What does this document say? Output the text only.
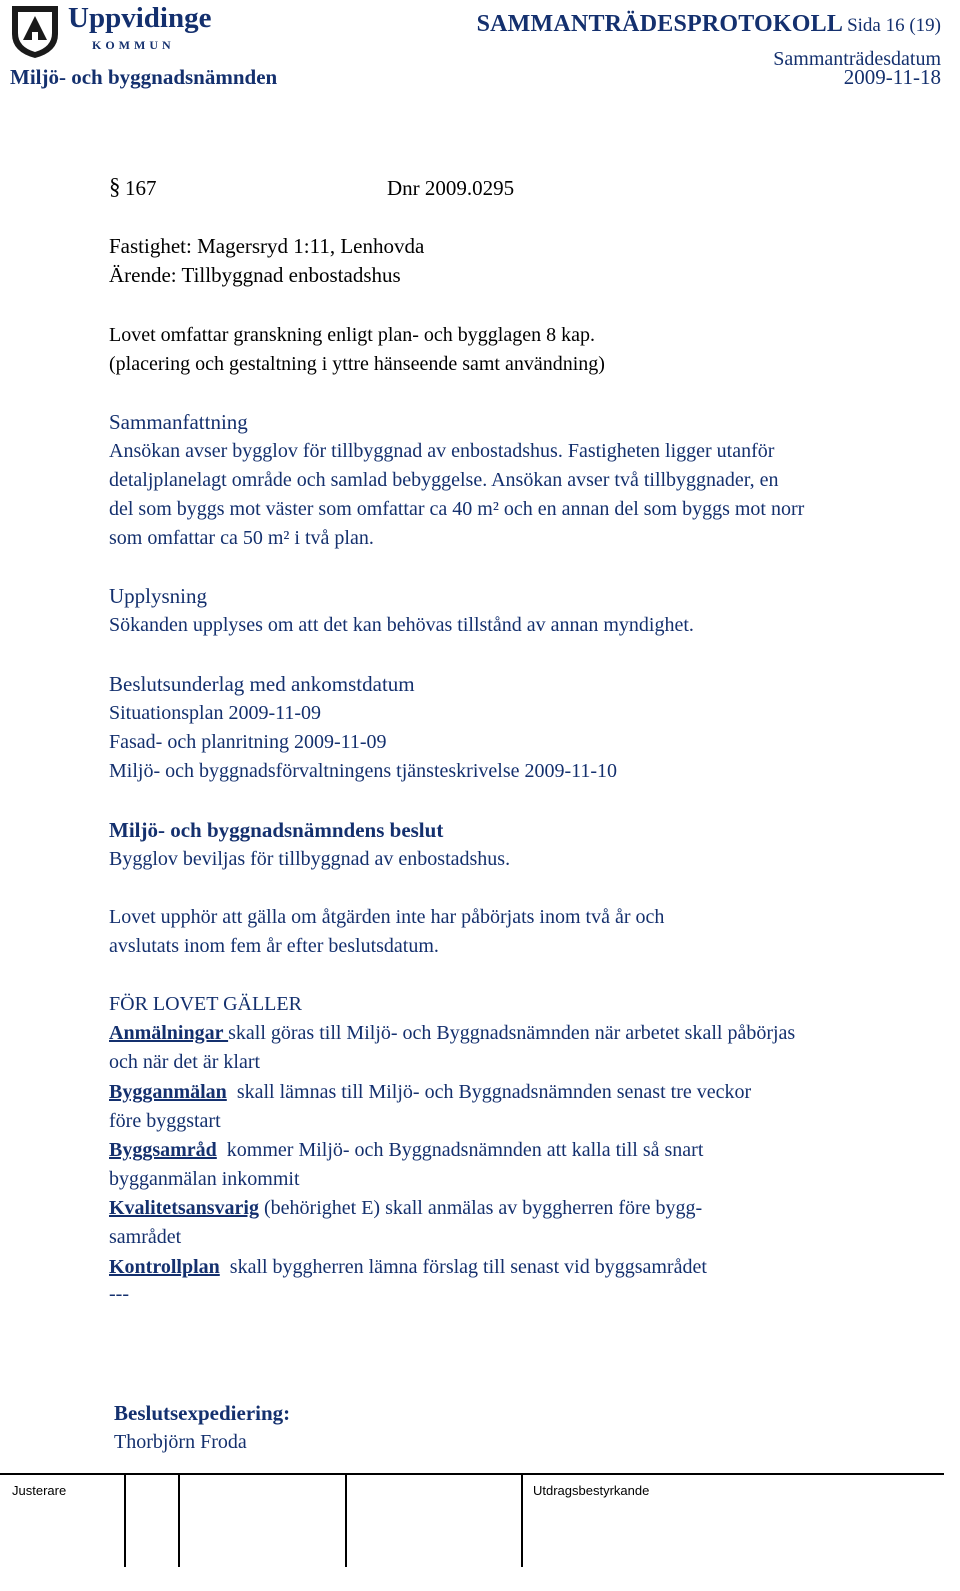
Uppvidinge
KOMMUN
SAMMANTRÄDESPROTOKOLL Sida 16 (19)
Sammanträdesdatum
Miljö- och byggnadsnämnden	2009-11-18
§ 167	Dnr 2009.0295
Fastighet: Magersryd 1:11, Lenhovda
Ärende: Tillbyggnad enbostadshus
Lovet omfattar granskning enligt plan- och bygglagen 8 kap.
(placering och gestaltning i yttre hänseende samt användning)
Sammanfattning
Ansökan avser bygglov för tillbyggnad av enbostadshus. Fastigheten ligger utanför
detaljplanelagt område och samlad bebyggelse. Ansökan avser två tillbyggnader, en
del som byggs mot väster som omfattar ca 40 m² och en annan del som byggs mot norr
som omfattar ca 50 m² i två plan.
Upplysning
Sökanden upplyses om att det kan behövas tillstånd av annan myndighet.
Beslutsunderlag med ankomstdatum
Situationsplan 2009-11-09
Fasad- och planritning 2009-11-09
Miljö- och byggnadsförvaltningens tjänsteskrivelse 2009-11-10
Miljö- och byggnadsnämndens beslut
Bygglov beviljas för tillbyggnad av enbostadshus.
Lovet upphör att gälla om åtgärden inte har påbörjats inom två år och
avslutats inom fem år efter beslutsdatum.
FÖR LOVET GÄLLER
Anmälningar skall göras till Miljö- och Byggnadsnämnden när arbetet skall påbörjas
och när det är klart
Bygganmälan  skall lämnas till Miljö- och Byggnadsnämnden senast tre veckor
före byggstart
Byggsamråd  kommer Miljö- och Byggnadsnämnden att kalla till så snart
bygganmälan inkommit
Kvalitetsansvarig (behörighet E) skall anmälas av byggherren före bygg-
samrådet
Kontrollplan  skall byggherren lämna förslag till senast vid byggsamrådet
---
Beslutsexpediering:
Thorbjörn Froda
Justerare	Utdragsbestyrkande
